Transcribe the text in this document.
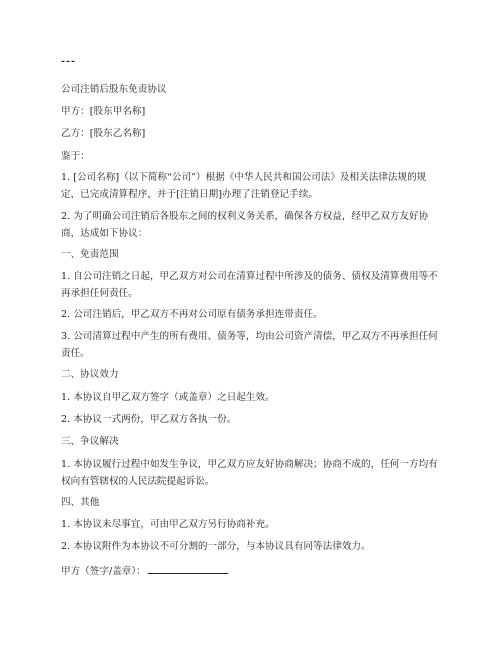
---
公司注销后股东免责协议
甲方：[股东甲名称]
乙方：[股东乙名称]
鉴于：
1. [公司名称]（以下简称“公司”）根据《中华人民共和国公司法》及相关法律法规的规定，已完成清算程序，并于[注销日期]办理了注销登记手续。
2. 为了明确公司注销后各股东之间的权利义务关系，确保各方权益，经甲乙双方友好协商，达成如下协议：
一、免责范围
1. 自公司注销之日起，甲乙双方对公司在清算过程中所涉及的债务、债权及清算费用等不再承担任何责任。
2. 公司注销后，甲乙双方不再对公司原有债务承担连带责任。
3. 公司清算过程中产生的所有费用、债务等，均由公司资产清偿，甲乙双方不再承担任何责任。
二、协议效力
1. 本协议自甲乙双方签字（或盖章）之日起生效。
2. 本协议一式两份，甲乙双方各执一份。
三、争议解决
1. 本协议履行过程中如发生争议，甲乙双方应友好协商解决；协商不成的，任何一方均有权向有管辖权的人民法院提起诉讼。
四、其他
1. 本协议未尽事宜，可由甲乙双方另行协商补充。
2. 本协议附件为本协议不可分割的一部分，与本协议具有同等法律效力。
甲方（签字/盖章）：
